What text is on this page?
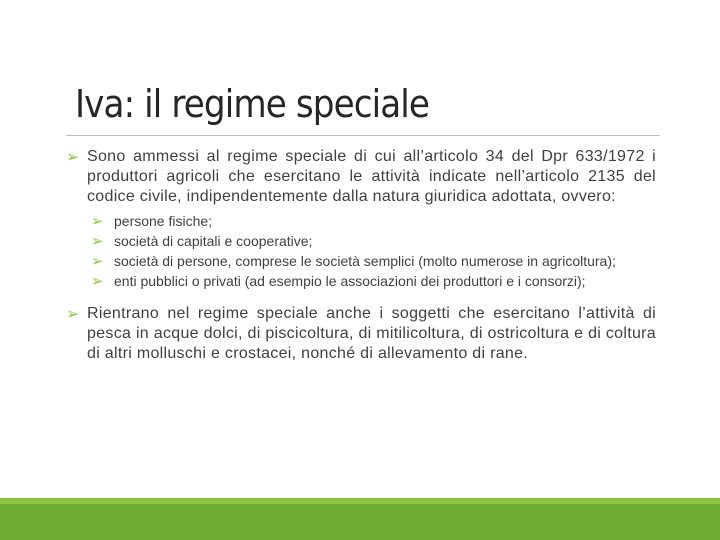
Iva: il regime speciale
➢ Sono ammessi al regime speciale di cui all’articolo 34 del Dpr 633/1972 i produttori agricoli che esercitano le attività indicate nell’articolo 2135 del codice civile, indipendentemente dalla natura giuridica adottata, ovvero:
➢ persone fisiche;
➢ società di capitali e cooperative;
➢ società di persone, comprese le società semplici (molto numerose in agricoltura);
➢ enti pubblici o privati (ad esempio le associazioni dei produttori e i consorzi);
➢ Rientrano nel regime speciale anche i soggetti che esercitano l’attività di pesca in acque dolci, di piscicoltura, di mitilicoltura, di ostricoltura e di coltura di altri molluschi e crostacei, nonché di allevamento di rane.
